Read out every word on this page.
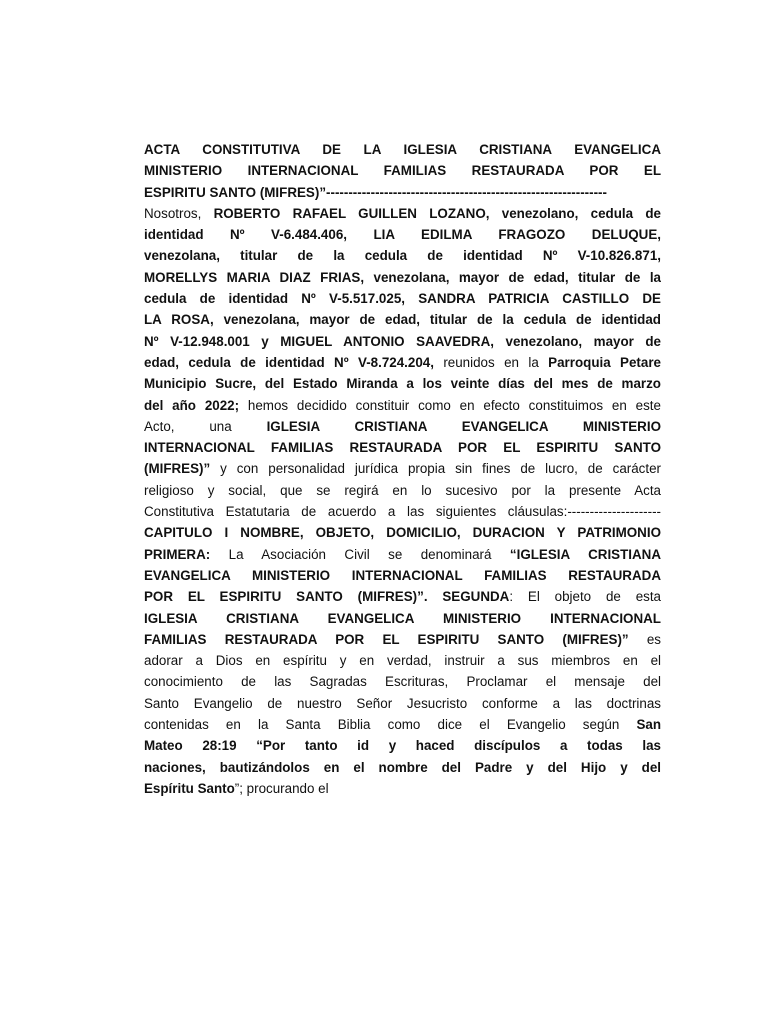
ACTA CONSTITUTIVA DE LA IGLESIA CRISTIANA EVANGELICA
MINISTERIO INTERNACIONAL FAMILIAS RESTAURADA POR EL
ESPIRITU SANTO (MIFRES)”---------------------------------------------------------------
Nosotros, ROBERTO RAFAEL GUILLEN LOZANO, venezolano, cedula de
identidad Nº V-6.484.406, LIA EDILMA FRAGOZO DELUQUE,
venezolana, titular de la cedula de identidad Nº V-10.826.871,
MORELLYS MARIA DIAZ FRIAS, venezolana, mayor de edad, titular de la
cedula de identidad Nº V-5.517.025, SANDRA PATRICIA CASTILLO DE
LA ROSA, venezolana, mayor de edad, titular de la cedula de identidad
Nº V-12.948.001 y MIGUEL ANTONIO SAAVEDRA, venezolano, mayor de
edad, cedula de identidad Nº V-8.724.204, reunidos en la Parroquia Petare
Municipio Sucre, del Estado Miranda a los veinte días del mes de marzo
del año 2022; hemos decidido constituir como en efecto constituimos en este
Acto, una IGLESIA CRISTIANA EVANGELICA MINISTERIO
INTERNACIONAL FAMILIAS RESTAURADA POR EL ESPIRITU SANTO
(MIFRES)” y con personalidad jurídica propia sin fines de lucro, de carácter
religioso y social, que se regirá en lo sucesivo por la presente Acta
Constitutiva Estatutaria de acuerdo a las siguientes cláusulas:---------------------
CAPITULO I NOMBRE, OBJETO, DOMICILIO, DURACION Y PATRIMONIO
PRIMERA: La Asociación Civil se denominará “IGLESIA CRISTIANA
EVANGELICA MINISTERIO INTERNACIONAL FAMILIAS RESTAURADA
POR EL ESPIRITU SANTO (MIFRES)”. SEGUNDA: El objeto de esta
IGLESIA CRISTIANA EVANGELICA MINISTERIO INTERNACIONAL
FAMILIAS RESTAURADA POR EL ESPIRITU SANTO (MIFRES)” es
adorar a Dios en espíritu y en verdad, instruir a sus miembros en el
conocimiento de las Sagradas Escrituras, Proclamar el mensaje del
Santo Evangelio de nuestro Señor Jesucristo conforme a las doctrinas
contenidas en la Santa Biblia como dice el Evangelio según San
Mateo 28:19 “Por tanto id y haced discípulos a todas las
naciones, bautizándolos en el nombre del Padre y del Hijo y del
Espíritu Santo”; procurando el
